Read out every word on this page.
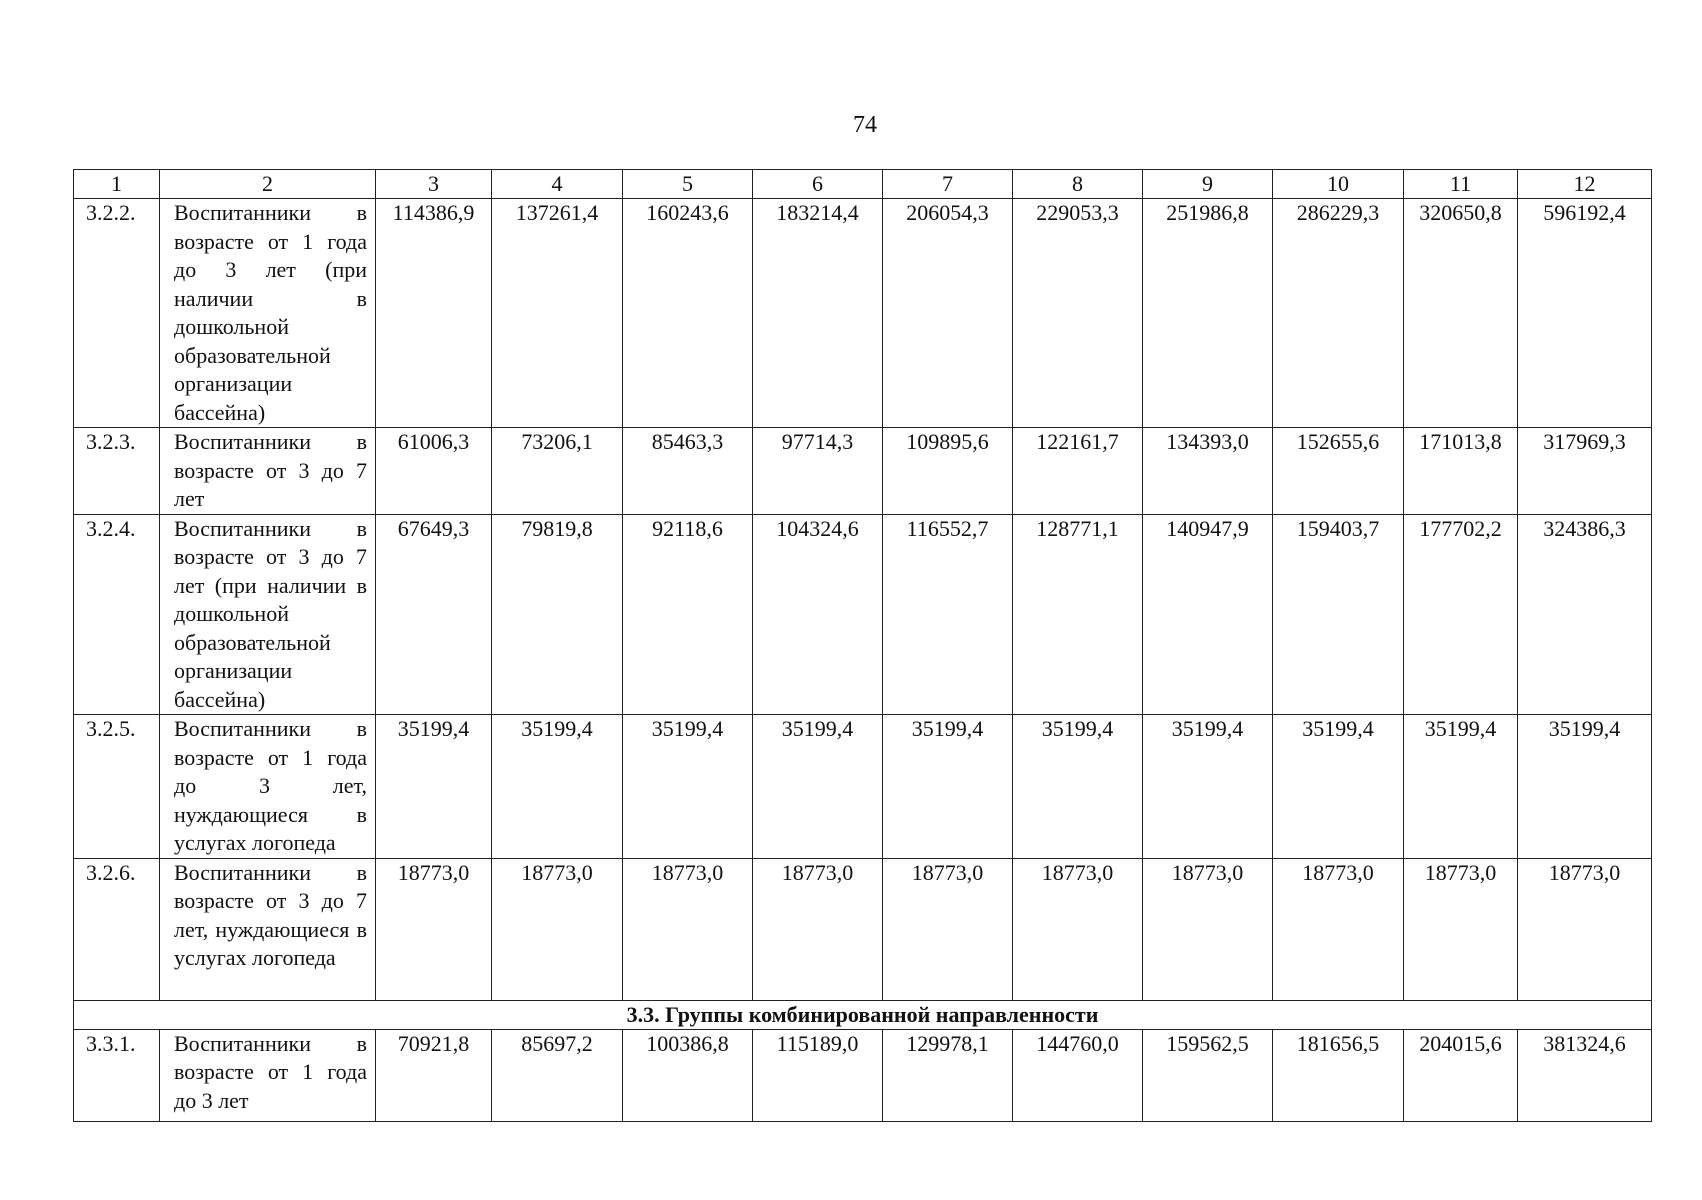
74
1	2	3	4	5	6	7	8	9	10	11	12
3.2.2.	Воспитанники в возрасте от 1 года до 3 лет (при наличии в дошкольной образовательной организации бассейна)	114386,9	137261,4	160243,6	183214,4	206054,3	229053,3	251986,8	286229,3	320650,8	596192,4
3.2.3.	Воспитанники в возрасте от 3 до 7 лет	61006,3	73206,1	85463,3	97714,3	109895,6	122161,7	134393,0	152655,6	171013,8	317969,3
3.2.4.	Воспитанники в возрасте от 3 до 7 лет (при наличии в дошкольной образовательной организации бассейна)	67649,3	79819,8	92118,6	104324,6	116552,7	128771,1	140947,9	159403,7	177702,2	324386,3
3.2.5.	Воспитанники в возрасте от 1 года до 3 лет, нуждающиеся в услугах логопеда	35199,4	35199,4	35199,4	35199,4	35199,4	35199,4	35199,4	35199,4	35199,4	35199,4
3.2.6.	Воспитанники в возрасте от 3 до 7 лет, нуждающиеся в услугах логопеда	18773,0	18773,0	18773,0	18773,0	18773,0	18773,0	18773,0	18773,0	18773,0	18773,0
3.3. Группы комбинированной направленности											
3.3.1.	Воспитанники в возрасте от 1 года до 3 лет	70921,8	85697,2	100386,8	115189,0	129978,1	144760,0	159562,5	181656,5	204015,6	381324,6
